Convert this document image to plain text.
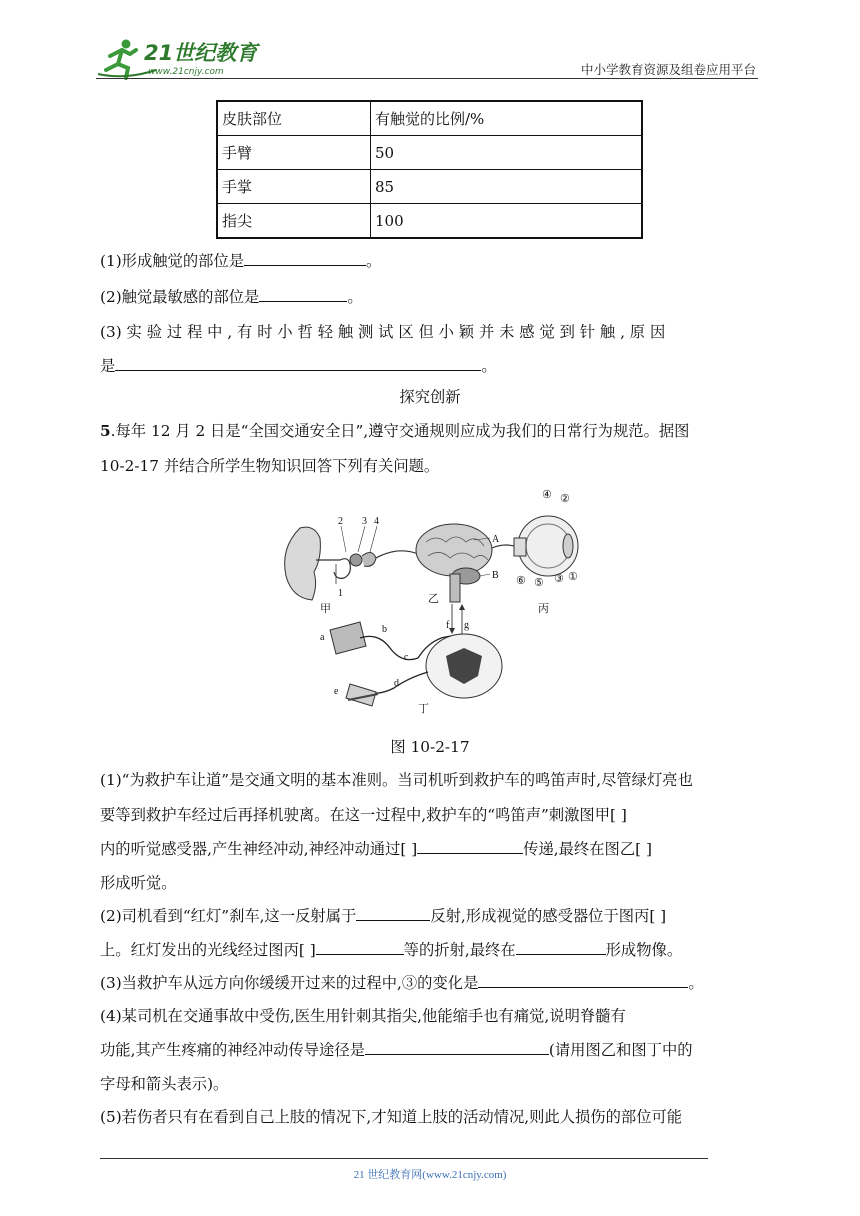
21世纪教育
www.21cnjy.com	中小学教育资源及组卷应用平台
皮肤部位	有触觉的比例/%
手臂	50
手掌	85
指尖	100
(1)形成触觉的部位是	。
(2)触觉最敏感的部位是	。
(3) 实 验 过 程 中 , 有 时 小 哲 轻 触 测 试 区 但 小 颖 并 未 感 觉 到 针 触 , 原 因
是	。
探究创新
5.每年 12 月 2 日是“全国交通安全日”,遵守交通规则应成为我们的日常行为规范。据图
10-2-17 并结合所学生物知识回答下列有关问题。
2 3 4
1
甲
A
B
乙
f g
④ ②
⑥ ⑤ ③ ①
丙
a
b
c
d
e
丁
图 10-2-17
(1)“为救护车让道”是交通文明的基本准则。当司机听到救护车的鸣笛声时,尽管绿灯亮也
要等到救护车经过后再择机驶离。在这一过程中,救护车的“鸣笛声”刺激图甲[ ]
内的听觉感受器,产生神经冲动,神经冲动通过[ ]	传递,最终在图乙[ ]
形成听觉。
(2)司机看到“红灯”刹车,这一反射属于	反射,形成视觉的感受器位于图丙[ ]
上。红灯发出的光线经过图丙[ ]	等的折射,最终在	形成物像。
(3)当救护车从远方向你缓缓开过来的过程中,③的变化是	。
(4)某司机在交通事故中受伤,医生用针刺其指尖,他能缩手也有痛觉,说明脊髓有
功能,其产生疼痛的神经冲动传导途径是	(请用图乙和图丁中的
字母和箭头表示)。
(5)若伤者只有在看到自己上肢的情况下,才知道上肢的活动情况,则此人损伤的部位可能
21 世纪教育网(www.21cnjy.com)
